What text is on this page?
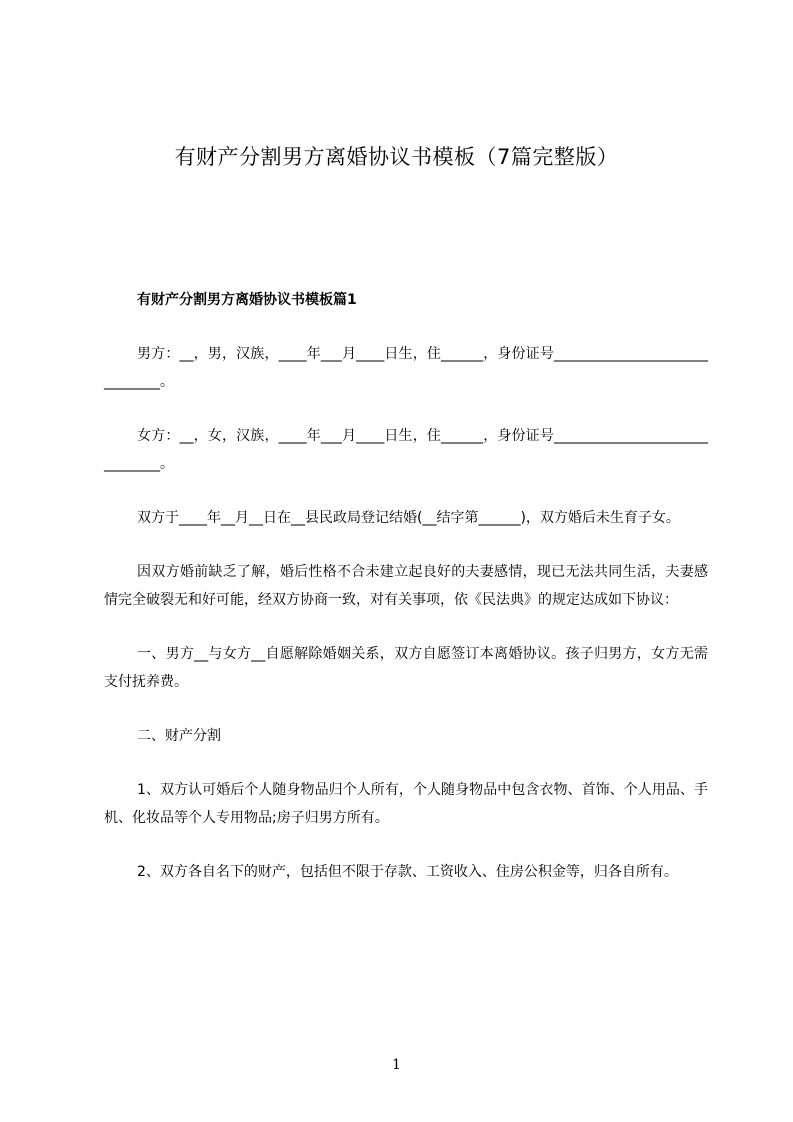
有财产分割男方离婚协议书模板（7篇完整版）

有财产分割男方离婚协议书模板篇1

男方：__，男，汉族，____年___月____日生，住______，身份证号______________________________。

女方：__，女，汉族，____年___月____日生，住______，身份证号______________________________。

双方于____年__月__日在__县民政局登记结婚(__结字第______)，双方婚后未生育子女。

因双方婚前缺乏了解，婚后性格不合未建立起良好的夫妻感情，现已无法共同生活，夫妻感情完全破裂无和好可能，经双方协商一致，对有关事项，依《民法典》的规定达成如下协议：

一、男方__与女方__自愿解除婚姻关系，双方自愿签订本离婚协议。孩子归男方，女方无需支付抚养费。

二、财产分割

1、双方认可婚后个人随身物品归个人所有，个人随身物品中包含衣物、首饰、个人用品、手机、化妆品等个人专用物品;房子归男方所有。

2、双方各自名下的财产，包括但不限于存款、工资收入、住房公积金等，归各自所有。

1
